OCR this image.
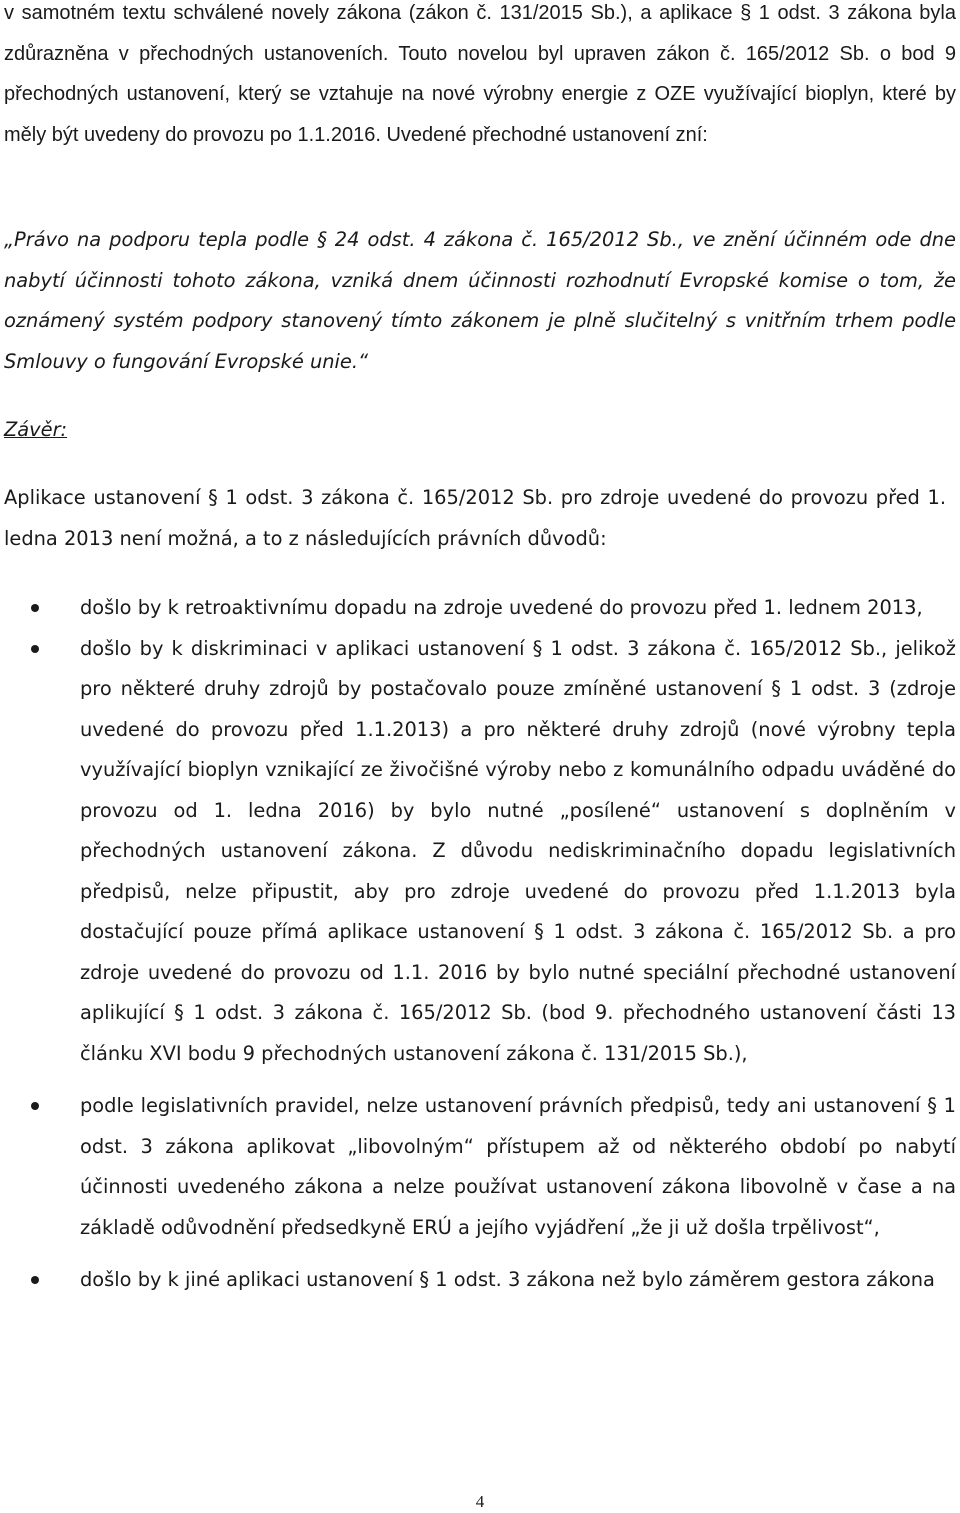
v samotném textu schválené novely zákona (zákon č. 131/2015 Sb.), a aplikace § 1 odst. 3 zákona byla zdůrazněna v přechodných ustanoveních. Touto novelou byl upraven zákon č. 165/2012 Sb. o bod 9 přechodných ustanovení, který se vztahuje na nové výrobny energie z OZE využívající bioplyn, které by měly být uvedeny do provozu po 1.1.2016. Uvedené přechodné ustanovení zní:

„Právo na podporu tepla podle § 24 odst. 4 zákona č. 165/2012 Sb., ve znění účinném ode dne nabytí účinnosti tohoto zákona, vzniká dnem účinnosti rozhodnutí Evropské komise o tom, že oznámený systém podpory stanovený tímto zákonem je plně slučitelný s vnitřním trhem podle Smlouvy o fungování Evropské unie.“

Závěr:

Aplikace ustanovení § 1 odst. 3 zákona č. 165/2012 Sb. pro zdroje uvedené do provozu před 1. ledna 2013 není možná, a to z následujících právních důvodů:

došlo by k retroaktivnímu dopadu na zdroje uvedené do provozu před 1. lednem 2013,
došlo by k diskriminaci v aplikaci ustanovení § 1 odst. 3 zákona č. 165/2012 Sb., jelikož pro některé druhy zdrojů by postačovalo pouze zmíněné ustanovení § 1 odst. 3 (zdroje uvedené do provozu před 1.1.2013) a pro některé druhy zdrojů (nové výrobny tepla využívající bioplyn vznikající ze živočišné výroby nebo z komunálního odpadu uváděné do provozu od 1. ledna 2016) by bylo nutné „posílené“ ustanovení s doplněním v přechodných ustanovení zákona. Z důvodu nediskriminačního dopadu legislativních předpisů, nelze připustit, aby pro zdroje uvedené do provozu před 1.1.2013 byla dostačující pouze přímá aplikace ustanovení § 1 odst. 3 zákona č. 165/2012 Sb. a pro zdroje uvedené do provozu od 1.1. 2016 by bylo nutné speciální přechodné ustanovení aplikující § 1 odst. 3 zákona č. 165/2012 Sb. (bod 9. přechodného ustanovení části 13 článku XVI bodu 9 přechodných ustanovení zákona č. 131/2015 Sb.),
podle legislativních pravidel, nelze ustanovení právních předpisů, tedy ani ustanovení § 1 odst. 3 zákona aplikovat „libovolným“ přístupem až od některého období po nabytí účinnosti uvedeného zákona a nelze používat ustanovení zákona libovolně v čase a na základě odůvodnění předsedkyně ERÚ a jejího vyjádření „že ji už došla trpělivost“,
došlo by k jiné aplikaci ustanovení § 1 odst. 3 zákona než bylo záměrem gestora zákona
4
